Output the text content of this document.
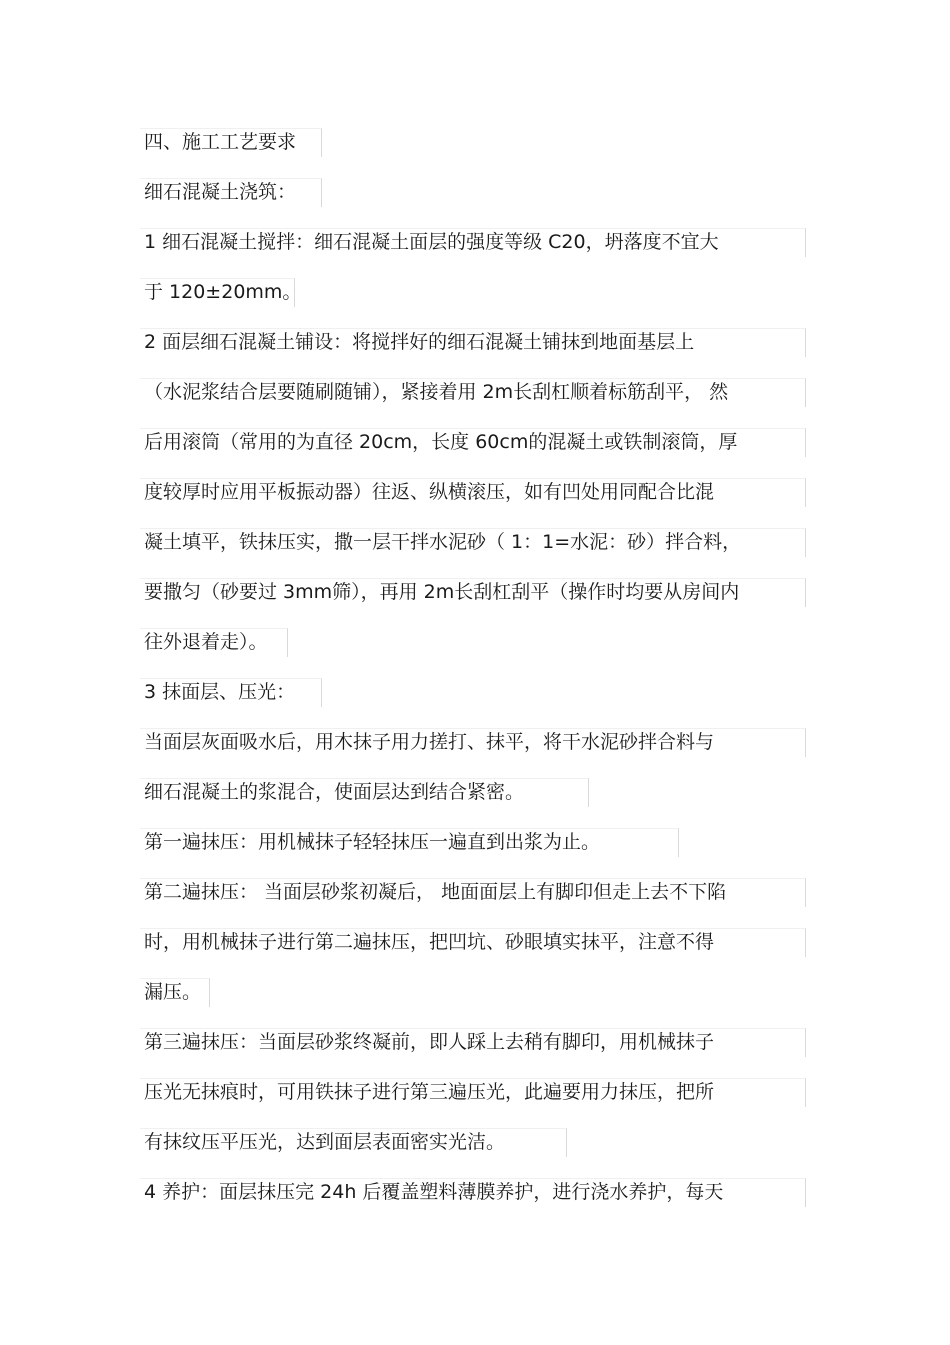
四、施工工艺要求
细石混凝土浇筑：
1 细石混凝土搅拌：细石混凝土面层的强度等级 C20，坍落度不宜大
于 120±20mm。
2 面层细石混凝土铺设：将搅拌好的细石混凝土铺抹到地面基层上
（水泥浆结合层要随刷随铺），紧接着用 2m长刮杠顺着标筋刮平， 然
后用滚筒（常用的为直径 20cm，长度 60cm的混凝土或铁制滚筒，厚
度较厚时应用平板振动器）往返、纵横滚压，如有凹处用同配合比混
凝土填平，铁抹压实，撒一层干拌水泥砂（ 1：1=水泥：砂）拌合料，
要撒匀（砂要过 3mm筛），再用 2m长刮杠刮平（操作时均要从房间内
往外退着走）。
3 抹面层、压光：
当面层灰面吸水后，用木抹子用力搓打、抹平，将干水泥砂拌合料与
细石混凝土的浆混合，使面层达到结合紧密。
第一遍抹压：用机械抹子轻轻抹压一遍直到出浆为止。
第二遍抹压： 当面层砂浆初凝后， 地面面层上有脚印但走上去不下陷
时，用机械抹子进行第二遍抹压，把凹坑、砂眼填实抹平，注意不得
漏压。
第三遍抹压：当面层砂浆终凝前，即人踩上去稍有脚印，用机械抹子
压光无抹痕时，可用铁抹子进行第三遍压光，此遍要用力抹压，把所
有抹纹压平压光，达到面层表面密实光洁。
4 养护：面层抹压完 24h 后覆盖塑料薄膜养护，进行浇水养护，每天
